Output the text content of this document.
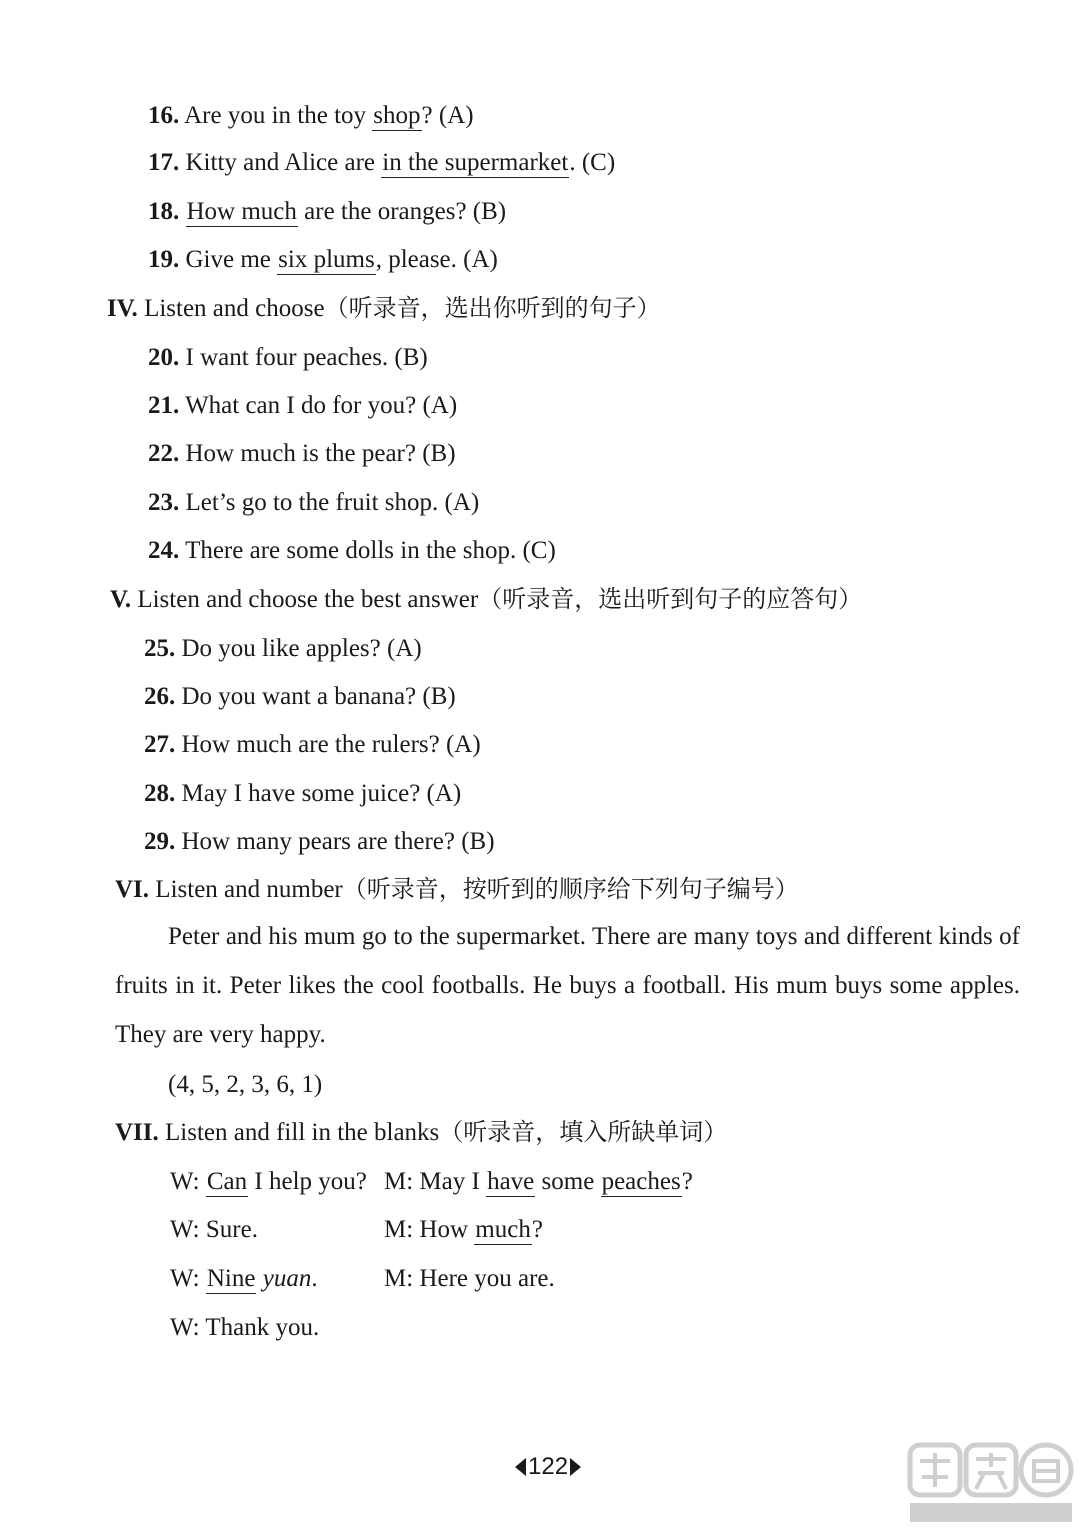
16. Are you in the toy shop? (A)
17. Kitty and Alice are in the supermarket. (C)
18. How much are the oranges? (B)
19. Give me six plums, please. (A)
IV. Listen and choose（听录音，选出你听到的句子）
20. I want four peaches. (B)
21. What can I do for you? (A)
22. How much is the pear? (B)
23. Let’s go to the fruit shop. (A)
24. There are some dolls in the shop. (C)
V. Listen and choose the best answer（听录音，选出听到句子的应答句）
25. Do you like apples? (A)
26. Do you want a banana? (B)
27. How much are the rulers? (A)
28. May I have some juice? (A)
29. How many pears are there? (B)
VI. Listen and number（听录音，按听到的顺序给下列句子编号）
Peter and his mum go to the supermarket. There are many toys and different kinds of fruits in it. Peter likes the cool footballs. He buys a football. His mum buys some apples. They are very happy.
(4, 5, 2, 3, 6, 1)
VII. Listen and fill in the blanks（听录音，填入所缺单词）
W: Can I help you? M: May I have some peaches?
W: Sure.	M: How much?
W: Nine yuan.	M: Here you are.
W: Thank you.
122
